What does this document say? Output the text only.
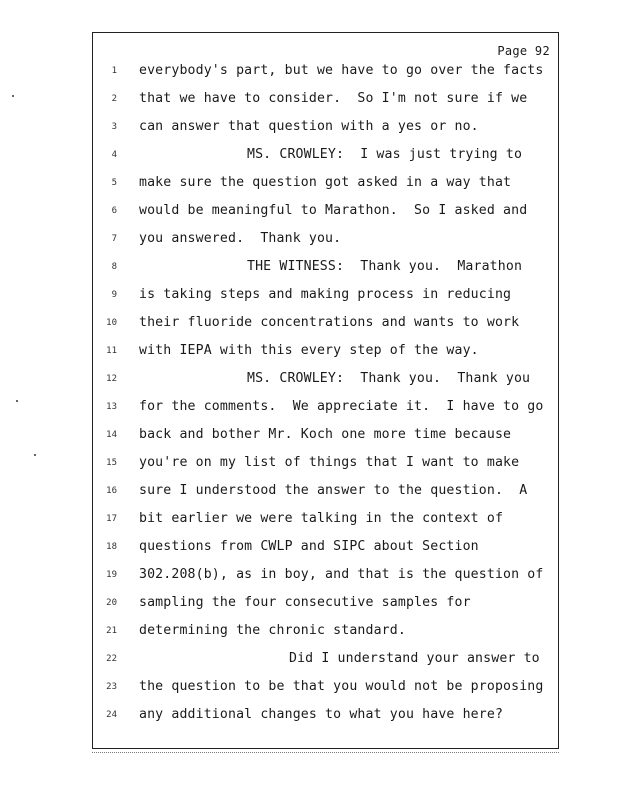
Page 92
1 everybody's part, but we have to go over the facts
2 that we have to consider.  So I'm not sure if we
3 can answer that question with a yes or no.
4	MS. CROWLEY:  I was just trying to
5 make sure the question got asked in a way that
6 would be meaningful to Marathon.  So I asked and
7 you answered.  Thank you.
8	THE WITNESS:  Thank you.  Marathon
9 is taking steps and making process in reducing
10 their fluoride concentrations and wants to work
11 with IEPA with this every step of the way.
12	MS. CROWLEY:  Thank you.  Thank you
13 for the comments.  We appreciate it.  I have to go
14 back and bother Mr. Koch one more time because
15 you're on my list of things that I want to make
16 sure I understood the answer to the question.  A
17 bit earlier we were talking in the context of
18 questions from CWLP and SIPC about Section
19 302.208(b), as in boy, and that is the question of
20 sampling the four consecutive samples for
21 determining the chronic standard.
22	Did I understand your answer to
23 the question to be that you would not be proposing
24 any additional changes to what you have here?
